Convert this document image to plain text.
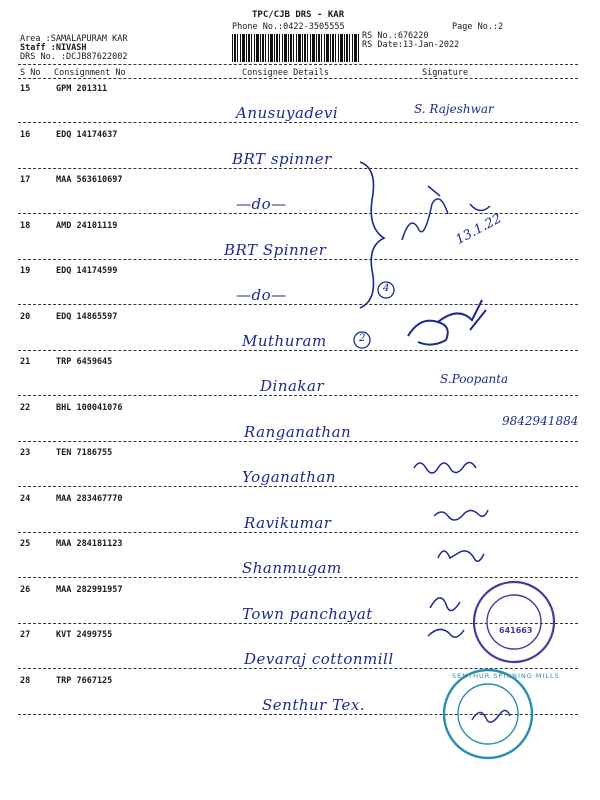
TPC/CJB DRS - KAR
Phone No.:0422-3505555	Page No.:2
Area :SAMALAPURAM KAR
Staff :NIVASH
DRS No. :DCJB87622002
RS No.:676220
RS Date:13-Jan-2022
S No Consignment No	Consignee Details	Signature
15	GPM 201311
Anusuyadevi	S. Rajeshwar
16	EDQ 14174637
BRT spinner
17	MAA 563610697
—do—
18	AMD 24101119
BRT Spinner
19	EDQ 14174599
—do—
20	EDQ 14865597
Muthuram
21	TRP 6459645
Dinakar	S.Poopanta
22	BHL 100041076
Ranganathan
9842941884
23	TEN 7186755
Yoganathan
24	MAA 283467770
Ravikumar
25	MAA 284181123
Shanmugam
26	MAA 282991957
Town panchayat
27	KVT 2499755
Devaraj cottonmill
28	TRP 7667125
Senthur Tex.
2
4
13.1.22
641663
SENTHUR SPINNING MILLS
